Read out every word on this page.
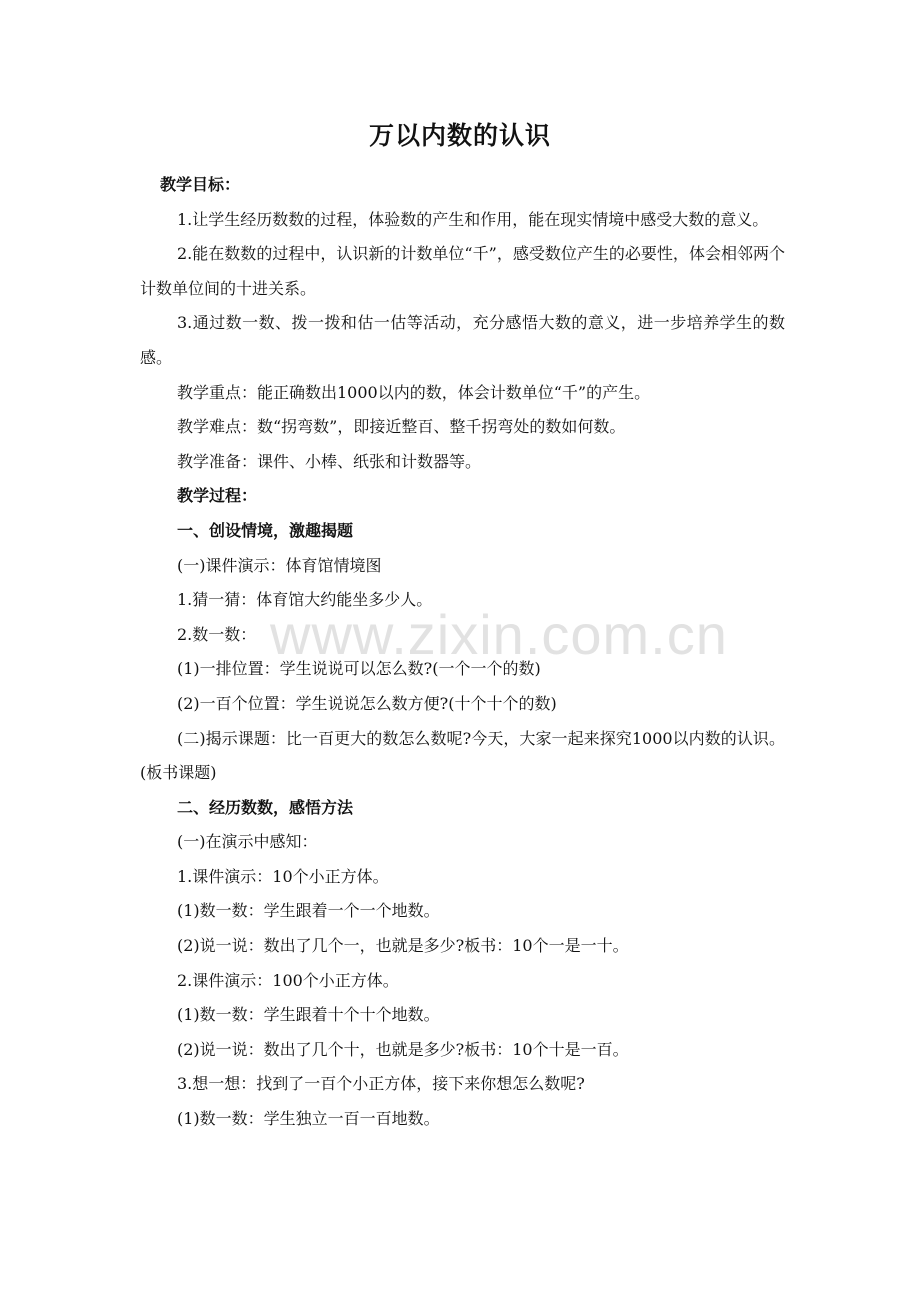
万以内数的认识

教学目标：

1.让学生经历数数的过程，体验数的产生和作用，能在现实情境中感受大数的意义。

2.能在数数的过程中，认识新的计数单位“千”，感受数位产生的必要性，体会相邻两个计数单位间的十进关系。

3.通过数一数、拨一拨和估一估等活动，充分感悟大数的意义，进一步培养学生的数感。

教学重点：能正确数出1000以内的数，体会计数单位“千”的产生。

教学难点：数“拐弯数”，即接近整百、整千拐弯处的数如何数。

教学准备：课件、小棒、纸张和计数器等。

教学过程：

一、创设情境，激趣揭题

(一)课件演示：体育馆情境图

1.猜一猜：体育馆大约能坐多少人。

2.数一数：

(1)一排位置：学生说说可以怎么数?(一个一个的数)

(2)一百个位置：学生说说怎么数方便?(十个十个的数)

(二)揭示课题：比一百更大的数怎么数呢?今天，大家一起来探究1000以内数的认识。(板书课题)

二、经历数数，感悟方法

(一)在演示中感知：

1.课件演示：10个小正方体。

(1)数一数：学生跟着一个一个地数。

(2)说一说：数出了几个一，也就是多少?板书：10个一是一十。

2.课件演示：100个小正方体。

(1)数一数：学生跟着十个十个地数。

(2)说一说：数出了几个十，也就是多少?板书：10个十是一百。

3.想一想：找到了一百个小正方体，接下来你想怎么数呢?

(1)数一数：学生独立一百一百地数。

www.zixin.com.cn
